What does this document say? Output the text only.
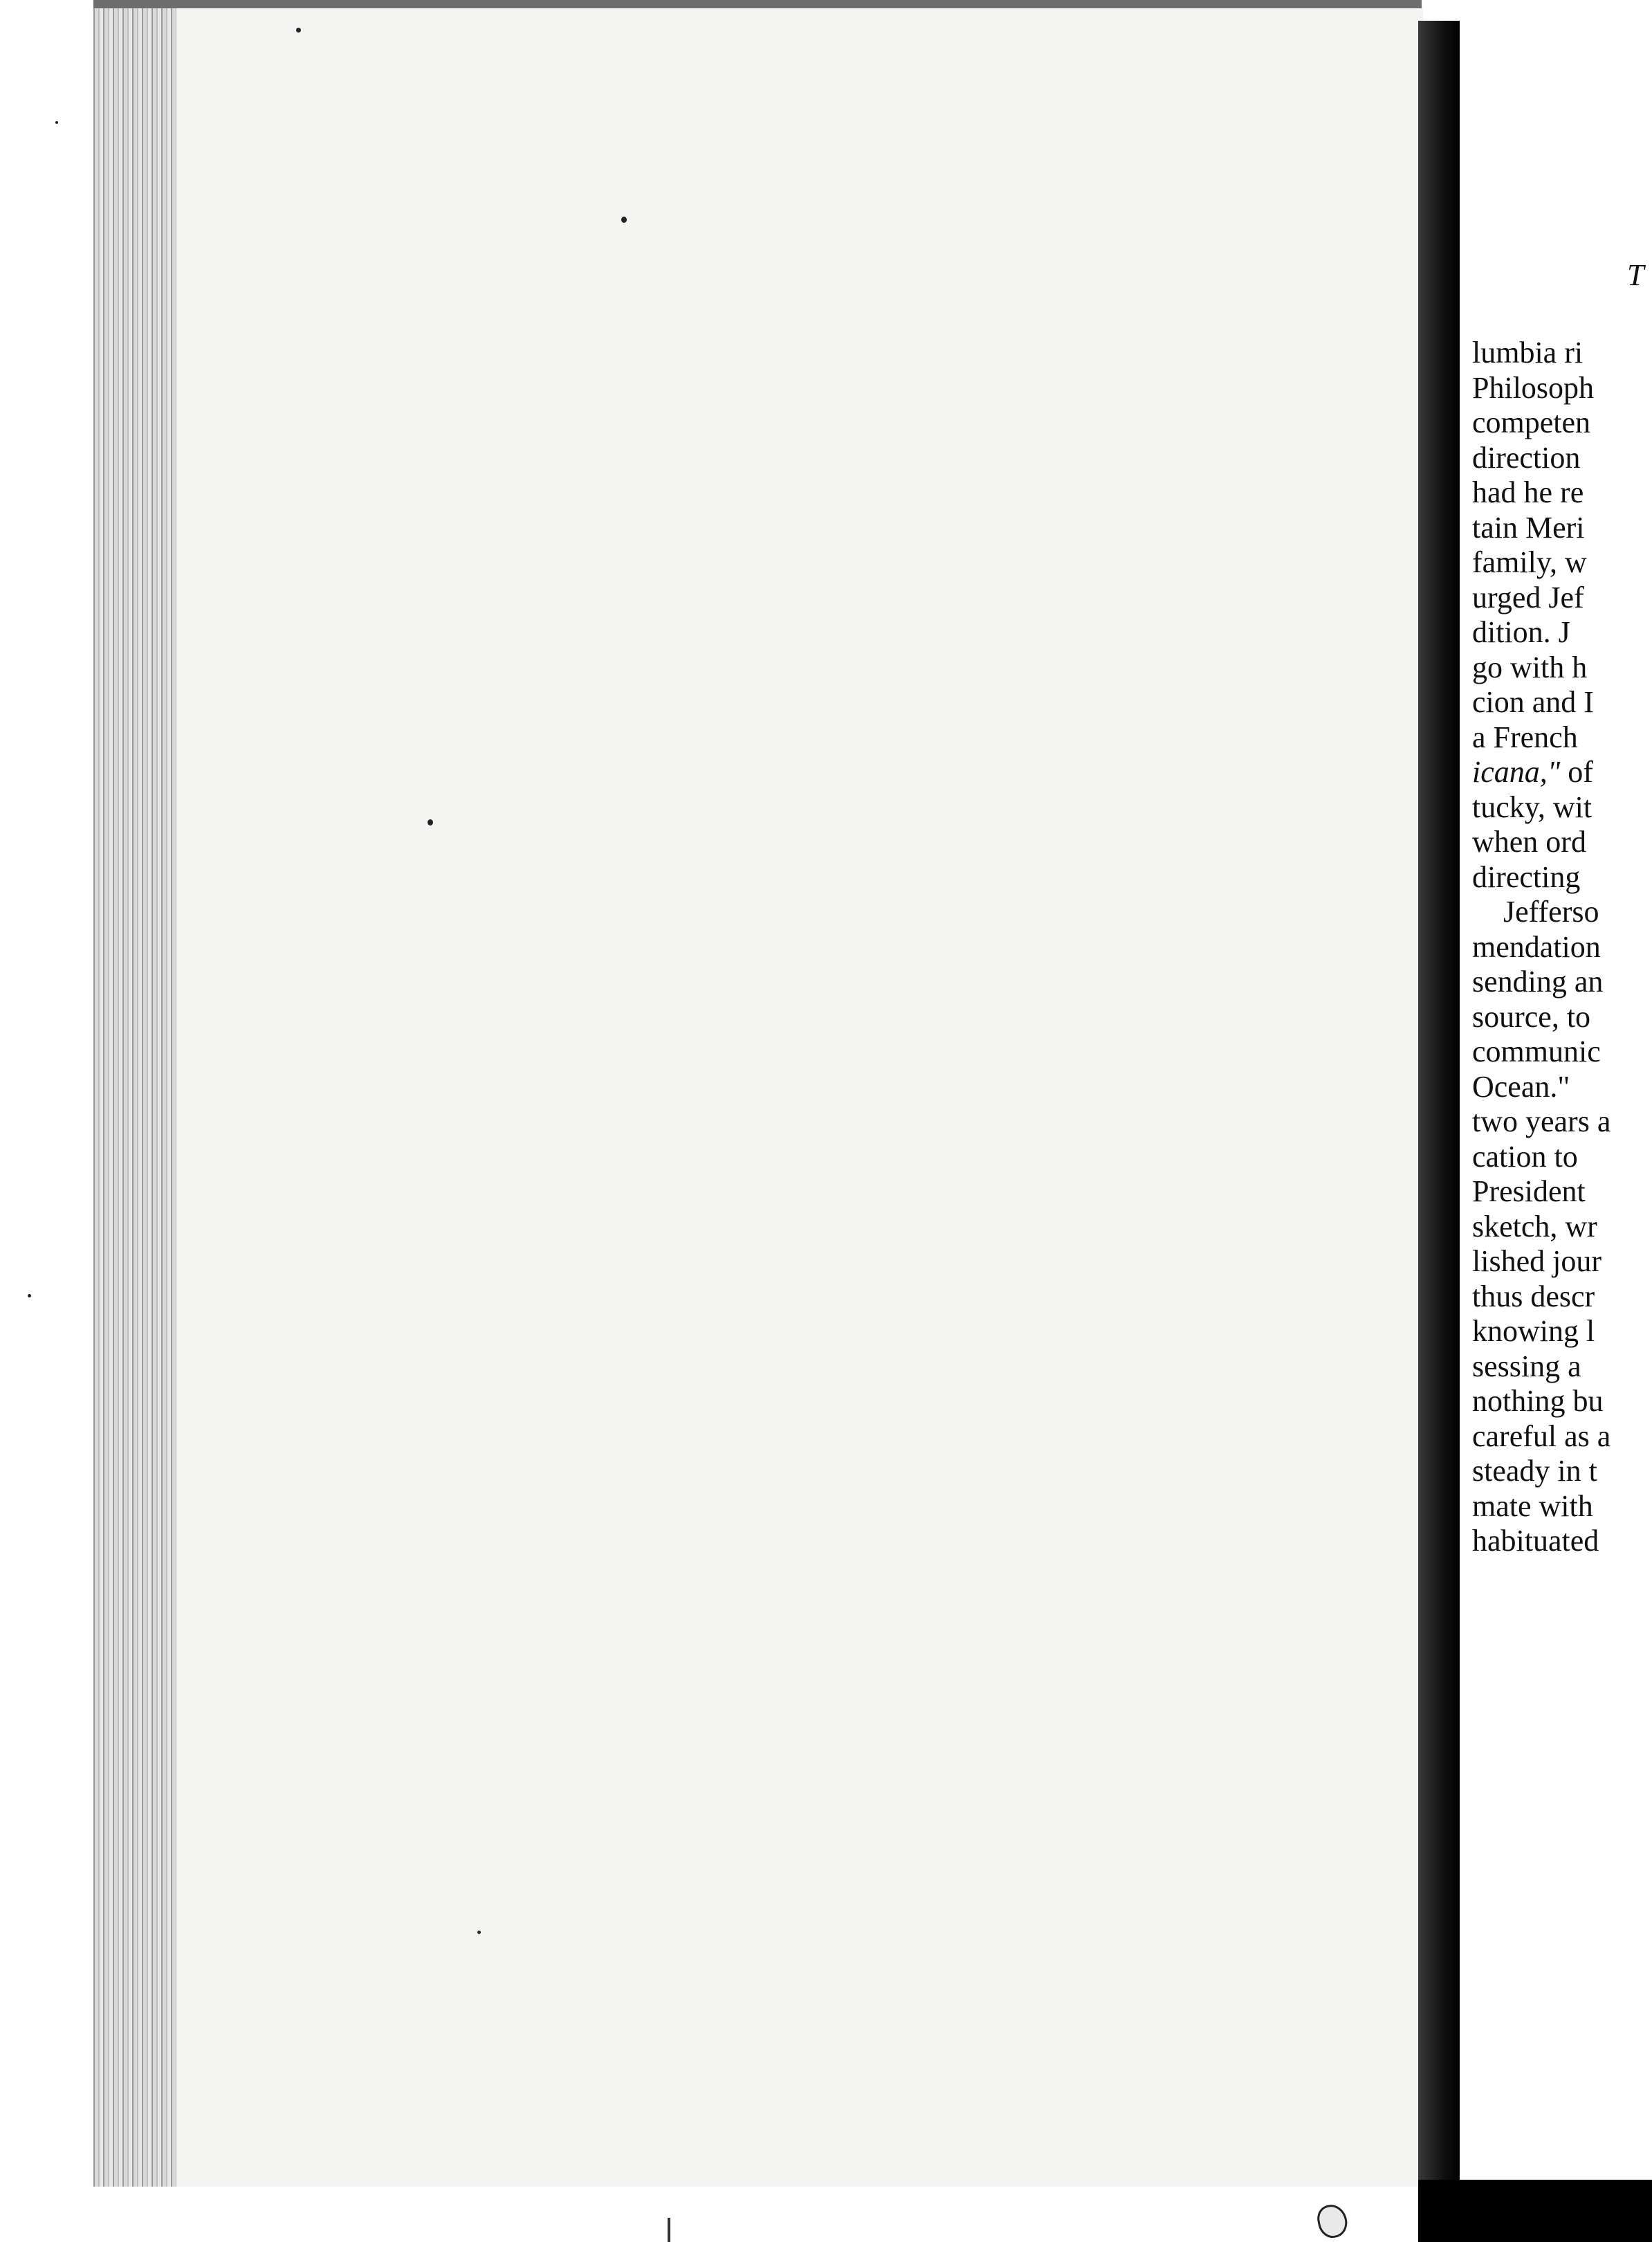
T
lumbia ri
Philosoph
competen
direction
had he re
tain Meri
family, w
urged Jef
dition. J
go with h
cion and I
a French
icana," of
tucky, wit
when ord
directing
Jefferso
mendation
sending an
source, to
communic
Ocean."
two years a
cation to
President
sketch, wr
lished jour
thus descr
knowing l
sessing a
nothing bu
careful as a
steady in t
mate with
habituated
